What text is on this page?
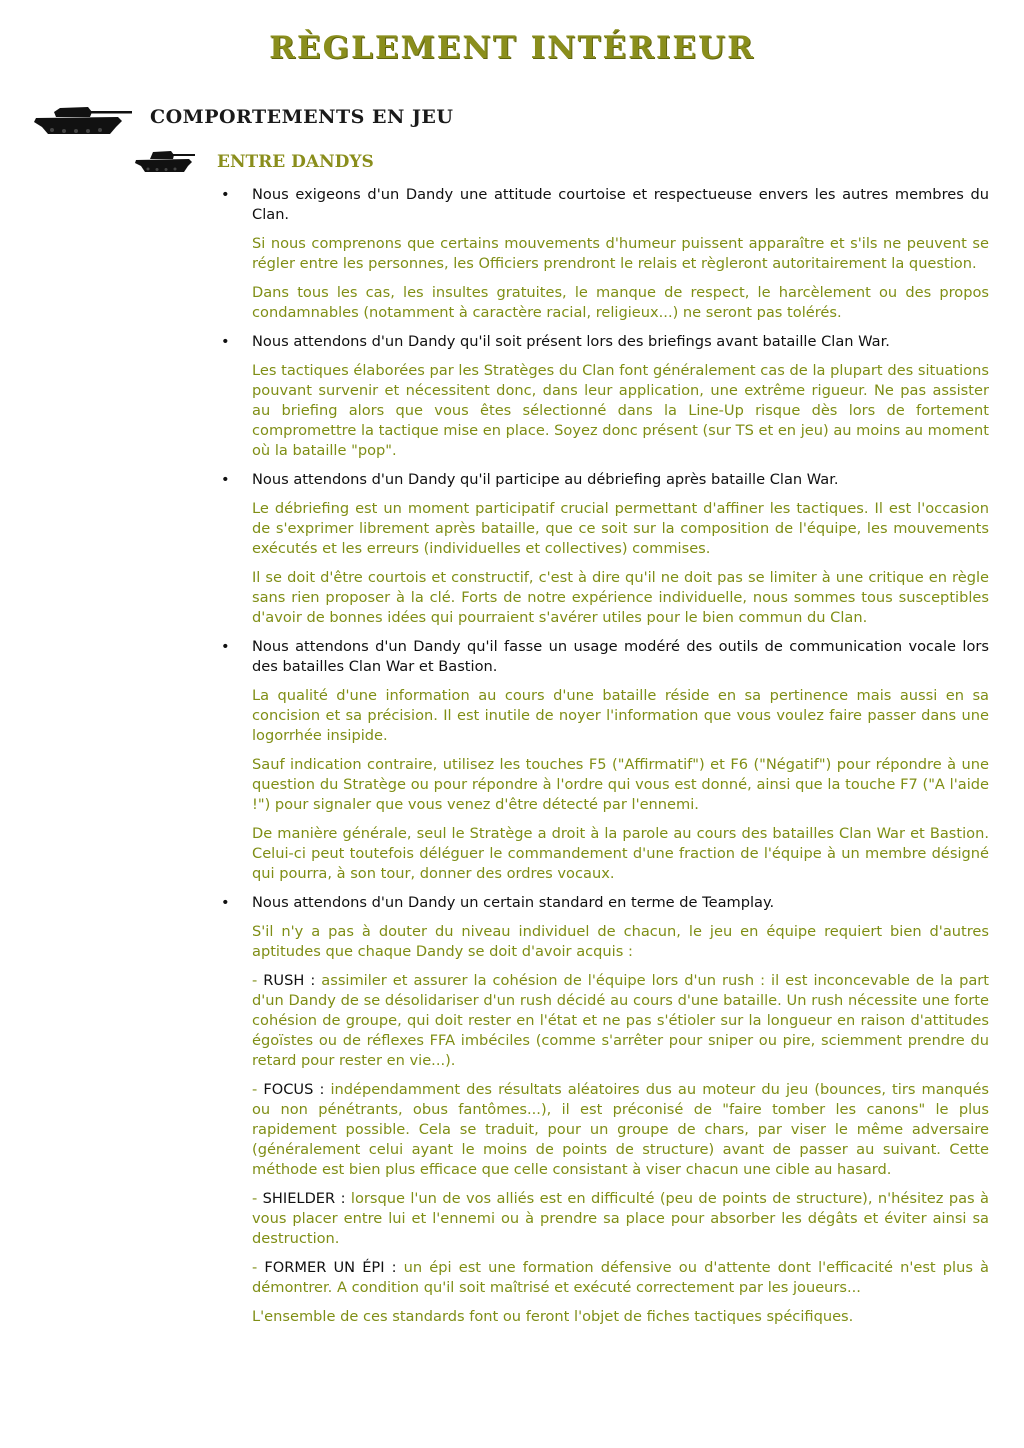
RÈGLEMENT INTÉRIEUR
COMPORTEMENTS EN JEU
ENTRE DANDYS
• Nous exigeons d'un Dandy une attitude courtoise et respectueuse envers les autres membres du Clan.
Si nous comprenons que certains mouvements d'humeur puissent apparaître et s'ils ne peuvent se régler entre les personnes, les Officiers prendront le relais et règleront autoritairement la question.
Dans tous les cas, les insultes gratuites, le manque de respect, le harcèlement ou des propos condamnables (notamment à caractère racial, religieux...) ne seront pas tolérés.
• Nous attendons d'un Dandy qu'il soit présent lors des briefings avant bataille Clan War.
Les tactiques élaborées par les Stratèges du Clan font généralement cas de la plupart des situations pouvant survenir et nécessitent donc, dans leur application, une extrême rigueur. Ne pas assister au briefing alors que vous êtes sélectionné dans la Line-Up risque dès lors de fortement compromettre la tactique mise en place. Soyez donc présent (sur TS et en jeu) au moins au moment où la bataille "pop".
• Nous attendons d'un Dandy qu'il participe au débriefing après bataille Clan War.
Le débriefing est un moment participatif crucial permettant d'affiner les tactiques. Il est l'occasion de s'exprimer librement après bataille, que ce soit sur la composition de l'équipe, les mouvements exécutés et les erreurs (individuelles et collectives) commises.
Il se doit d'être courtois et constructif, c'est à dire qu'il ne doit pas se limiter à une critique en règle sans rien proposer à la clé. Forts de notre expérience individuelle, nous sommes tous susceptibles d'avoir de bonnes idées qui pourraient s'avérer utiles pour le bien commun du Clan.
• Nous attendons d'un Dandy qu'il fasse un usage modéré des outils de communication vocale lors des batailles Clan War et Bastion.
La qualité d'une information au cours d'une bataille réside en sa pertinence mais aussi en sa concision et sa précision. Il est inutile de noyer l'information que vous voulez faire passer dans une logorrhée insipide.
Sauf indication contraire, utilisez les touches F5 ("Affirmatif") et F6 ("Négatif") pour répondre à une question du Stratège ou pour répondre à l'ordre qui vous est donné, ainsi que la touche F7 ("A l'aide !") pour signaler que vous venez d'être détecté par l'ennemi.
De manière générale, seul le Stratège a droit à la parole au cours des batailles Clan War et Bastion. Celui-ci peut toutefois déléguer le commandement d'une fraction de l'équipe à un membre désigné qui pourra, à son tour, donner des ordres vocaux.
• Nous attendons d'un Dandy un certain standard en terme de Teamplay.
S'il n'y a pas à douter du niveau individuel de chacun, le jeu en équipe requiert bien d'autres aptitudes que chaque Dandy se doit d'avoir acquis :
- RUSH : assimiler et assurer la cohésion de l'équipe lors d'un rush : il est inconcevable de la part d'un Dandy de se désolidariser d'un rush décidé au cours d'une bataille. Un rush nécessite une forte cohésion de groupe, qui doit rester en l'état et ne pas s'étioler sur la longueur en raison d'attitudes égoïstes ou de réflexes FFA imbéciles (comme s'arrêter pour sniper ou pire, sciemment prendre du retard pour rester en vie...).
- FOCUS : indépendamment des résultats aléatoires dus au moteur du jeu (bounces, tirs manqués ou non pénétrants, obus fantômes...), il est préconisé de "faire tomber les canons" le plus rapidement possible. Cela se traduit, pour un groupe de chars, par viser le même adversaire (généralement celui ayant le moins de points de structure) avant de passer au suivant. Cette méthode est bien plus efficace que celle consistant à viser chacun une cible au hasard.
- SHIELDER : lorsque l'un de vos alliés est en difficulté (peu de points de structure), n'hésitez pas à vous placer entre lui et l'ennemi ou à prendre sa place pour absorber les dégâts et éviter ainsi sa destruction.
- FORMER UN ÉPI : un épi est une formation défensive ou d'attente dont l'efficacité n'est plus à démontrer. A condition qu'il soit maîtrisé et exécuté correctement par les joueurs...
L'ensemble de ces standards font ou feront l'objet de fiches tactiques spécifiques.
